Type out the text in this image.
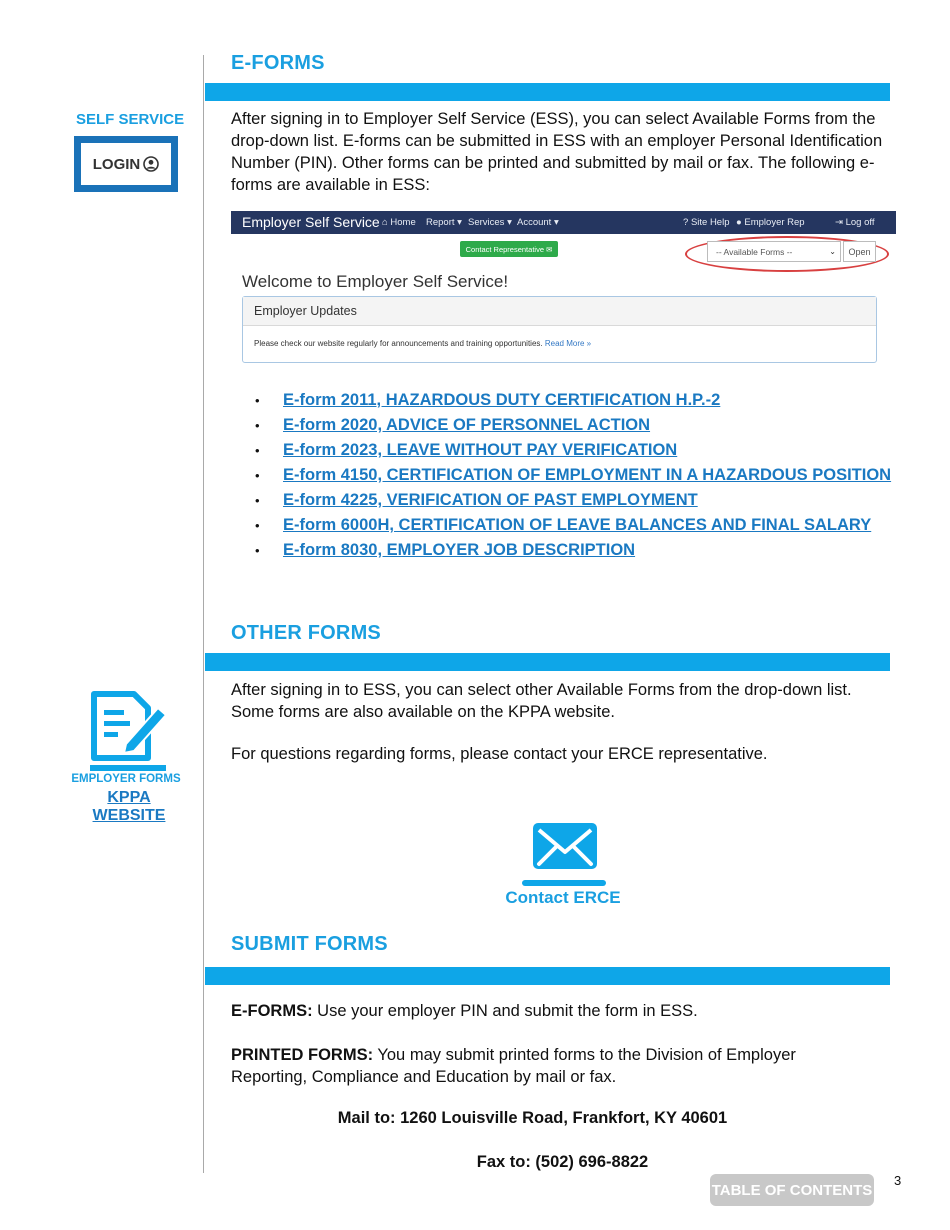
E-FORMS
SELF SERVICE
LOGIN
After signing in to Employer Self Service (ESS), you can select Available Forms from the drop-down list. E-forms can be submitted in ESS with an employer Personal Identification Number (PIN). Other forms can be printed and submitted by mail or fax. The following e-forms are available in ESS:
Employer Self Service ⌂ Home Report ▾ Services ▾ Account ▾	? Site Help ● Employer Rep	⇥ Log off
Contact Representative
✉	-- Available Forms --	⌄	Open
Welcome to Employer Self Service!
Employer Updates
Please check our website regularly for announcements and training opportunities. Read More »
• E-form 2011, HAZARDOUS DUTY CERTIFICATION H.P.-2
• E-form 2020, ADVICE OF PERSONNEL ACTION
• E-form 2023, LEAVE WITHOUT PAY VERIFICATION
• E-form 4150, CERTIFICATION OF EMPLOYMENT IN A HAZARDOUS POSITION
• E-form 4225, VERIFICATION OF PAST EMPLOYMENT
• E-form 6000H, CERTIFICATION OF LEAVE BALANCES AND FINAL SALARY
• E-form 8030, EMPLOYER JOB DESCRIPTION
OTHER FORMS
EMPLOYER FORMS
KPPA WEBSITE
After signing in to ESS, you can select other Available Forms from the drop-down list. Some forms are also available on the KPPA website.
For questions regarding forms, please contact your ERCE representative.
Contact ERCE
SUBMIT FORMS
E-FORMS: Use your employer PIN and submit the form in ESS.
PRINTED FORMS: You may submit printed forms to the Division of Employer Reporting, Compliance and Education by mail or fax.
Mail to: 1260 Louisville Road, Frankfort, KY 40601
Fax to: (502) 696-8822
TABLE OF CONTENTS
3
